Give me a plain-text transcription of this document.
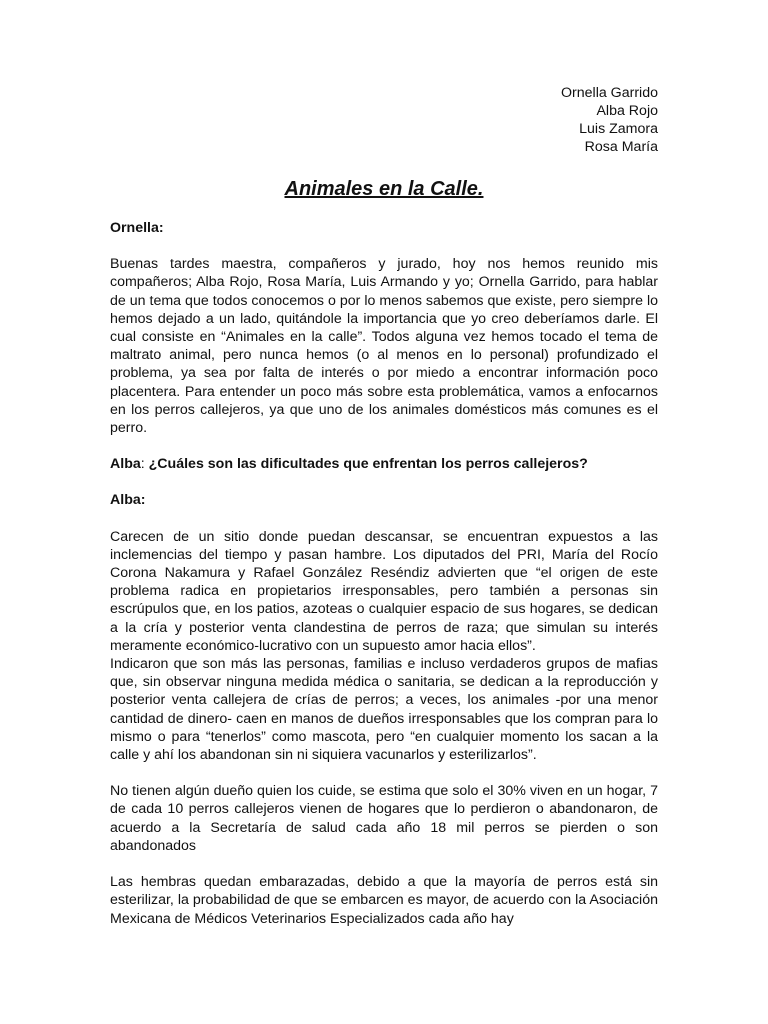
Ornella Garrido
Alba Rojo
Luis Zamora
Rosa María
Animales en la Calle.
Ornella:

Buenas tardes maestra, compañeros y jurado, hoy nos hemos reunido mis compañeros; Alba Rojo, Rosa María, Luis Armando y yo; Ornella Garrido, para hablar de un tema que todos conocemos o por lo menos sabemos que existe, pero siempre lo hemos dejado a un lado, quitándole la importancia que yo creo deberíamos darle. El cual consiste en “Animales en la calle”. Todos alguna vez hemos tocado el tema de maltrato animal, pero nunca hemos (o al menos en lo personal) profundizado el problema, ya sea por falta de interés o por miedo a encontrar información poco placentera. Para entender un poco más sobre esta problemática, vamos a enfocarnos en los perros callejeros, ya que uno de los animales domésticos más comunes es el perro.

Alba: ¿Cuáles son las dificultades que enfrentan los perros callejeros?
Alba:

Carecen de un sitio donde puedan descansar, se encuentran expuestos a las inclemencias del tiempo y pasan hambre. Los diputados del PRI, María del Rocío Corona Nakamura y Rafael González Reséndiz advierten que “el origen de este problema radica en propietarios irresponsables, pero también a personas sin escrúpulos que, en los patios, azoteas o cualquier espacio de sus hogares, se dedican a la cría y posterior venta clandestina de perros de raza; que simulan su interés meramente económico-lucrativo con un supuesto amor hacia ellos”.

Indicaron que son más las personas, familias e incluso verdaderos grupos de mafias que, sin observar ninguna medida médica o sanitaria, se dedican a la reproducción y posterior venta callejera de crías de perros; a veces, los animales -por una menor cantidad de dinero- caen en manos de dueños irresponsables que los compran para lo mismo o para “tenerlos” como mascota, pero “en cualquier momento los sacan a la calle y ahí los abandonan sin ni siquiera vacunarlos y esterilizarlos”.

No tienen algún dueño quien los cuide, se estima que solo el 30% viven en un hogar, 7 de cada 10 perros callejeros vienen de hogares que lo perdieron o abandonaron, de acuerdo a la Secretaría de salud cada año 18 mil perros se pierden o son abandonados

Las hembras quedan embarazadas, debido a que la mayoría de perros está sin esterilizar, la probabilidad de que se embarcen es mayor, de acuerdo con la Asociación Mexicana de Médicos Veterinarios Especializados cada año hay
